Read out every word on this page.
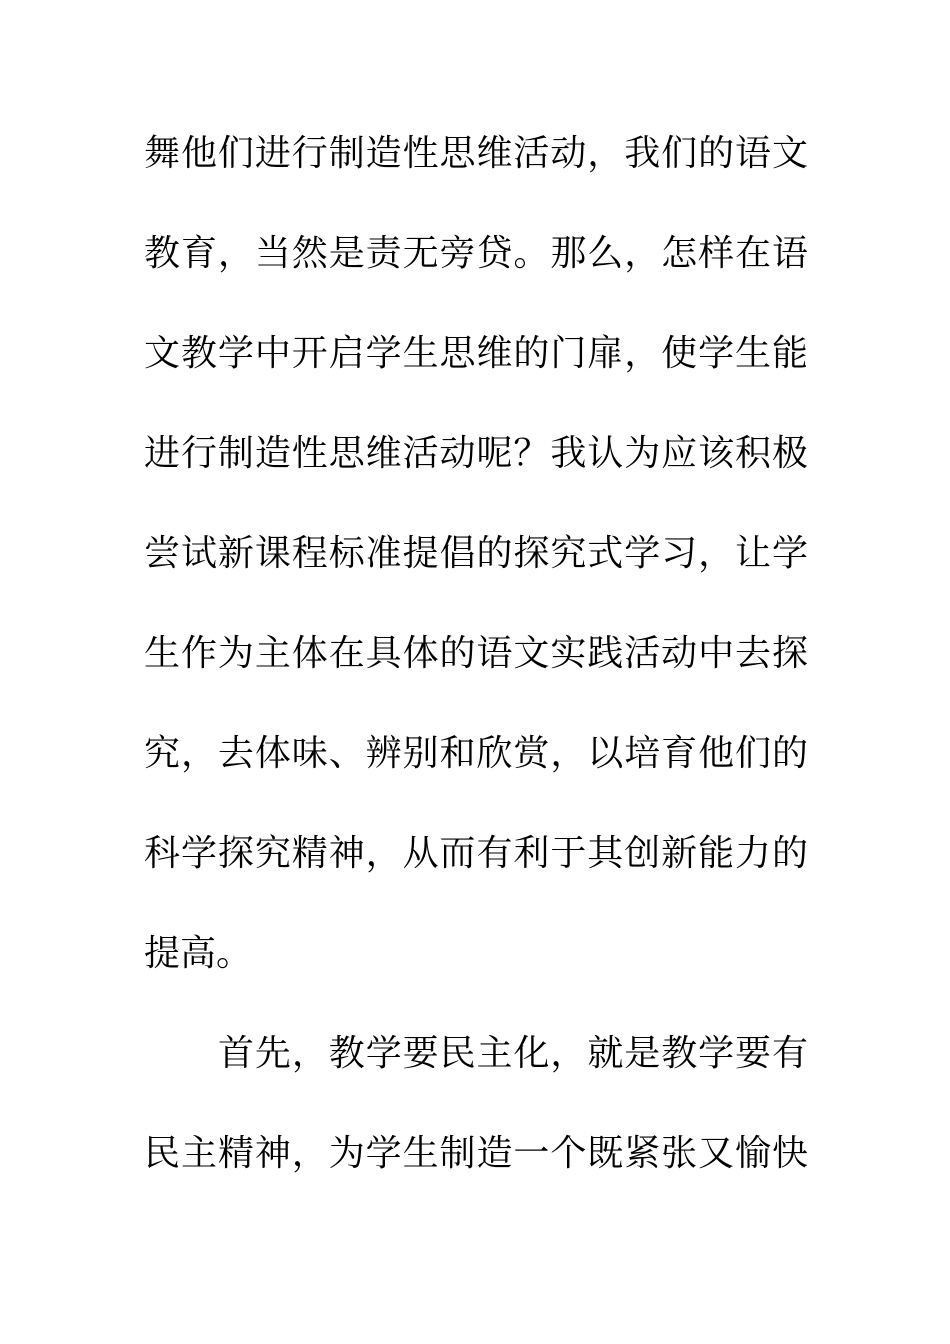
舞他们进行制造性思维活动，我们的语文
教育，当然是责无旁贷。那么，怎样在语
文教学中开启学生思维的门扉，使学生能
进行制造性思维活动呢？我认为应该积极
尝试新课程标准提倡的探究式学习，让学
生作为主体在具体的语文实践活动中去探
究，去体味、辨别和欣赏，以培育他们的
科学探究精神，从而有利于其创新能力的
提高。
首先，教学要民主化，就是教学要有
民主精神，为学生制造一个既紧张又愉快
